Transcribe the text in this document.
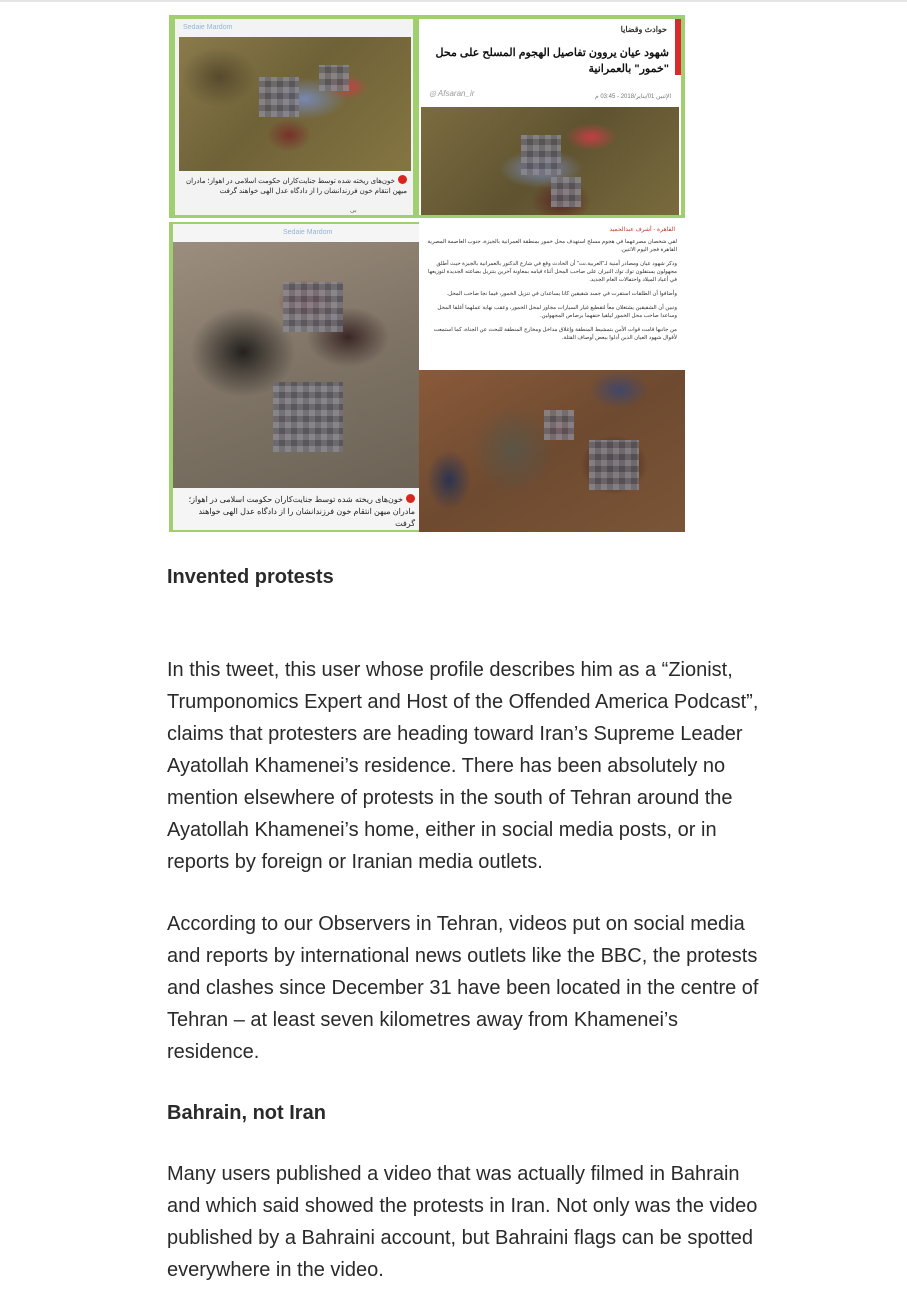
Sedaie Mardom
خون‌های ریخته شده توسط جنایت‌کاران حکومت اسلامی در اهواز؛ مادران میهن انتقام خون فرزندانشان را از دادگاه عدل الهی خواهند گرفت
بی
حوادث وقضايا
شهود عيان يروون تفاصيل الهجوم المسلح على محل "خمور" بالعمرانية
الإثنين 01/يناير/2018 - 03:45 م
◎ Afsaran_ir
Sedaie Mardom
خون‌های ریخته شده توسط جنایت‌کاران حکومت اسلامی در اهواز؛ مادران میهن انتقام خون فرزندانشان را از دادگاه عدل الهی خواهند گرفت
القاهرة - أشرف عبدالحميد

لقي شخصان مصرعهما في هجوم مسلح استهدف محل خمور بمنطقة العمرانية بالجيزة، جنوب العاصمة المصرية القاهرة فجر اليوم الاثنين.

وذكر شهود عيان ومصادر أمنية لـ"العربية.نت" أن الحادث وقع في شارع الدكتور بالعمرانية بالجيزة حيث أطلق مجهولون يستقلون توك توك النيران على صاحب المحل أثناء قيامه بمعاونة آخرين بتنزيل بضاعته الجديدة لتوزيعها في أعياد الميلاد واحتفالات العام الجديد.

وأضافوا أن الطلقات استقرت في جسد شقيقين كانا يساعدان في تنزيل الخمور، فيما نجا صاحب المحل.

وتبين أن الشقيقين يشتغلان معاً لتقطيع غيار السيارات مجاور لمحل الخمور، وعقب نهاية عملهما أغلقا المحل وساعدا صاحب محل الخمور ليلقيا حتفهما برصاص المجهولين.

من جانبها قامت قوات الأمن بتمشيط المنطقة وإغلاق مداخل ومخارج المنطقة للبحث عن الجناة، كما استمعت لأقوال شهود العيان الذين أدلوا ببعض أوصاف القتلة.

Invented protests

In this tweet, this user whose profile describes him as a “Zionist, Trumponomics Expert and Host of the Offended America Podcast”, claims that protesters are heading toward Iran’s Supreme Leader Ayatollah Khamenei’s residence. There has been absolutely no mention elsewhere of protests in the south of Tehran around the Ayatollah Khamenei’s home, either in social media posts, or in reports by foreign or Iranian media outlets.

According to our Observers in Tehran, videos put on social media and reports by international news outlets like the BBC, the protests and clashes since December 31 have been located in the centre of Tehran – at least seven kilometres away from Khamenei’s residence.

Bahrain, not Iran

Many users published a video that was actually filmed in Bahrain and which said showed the protests in Iran. Not only was the video published by a Bahraini account, but Bahraini flags can be spotted everywhere in the video.
